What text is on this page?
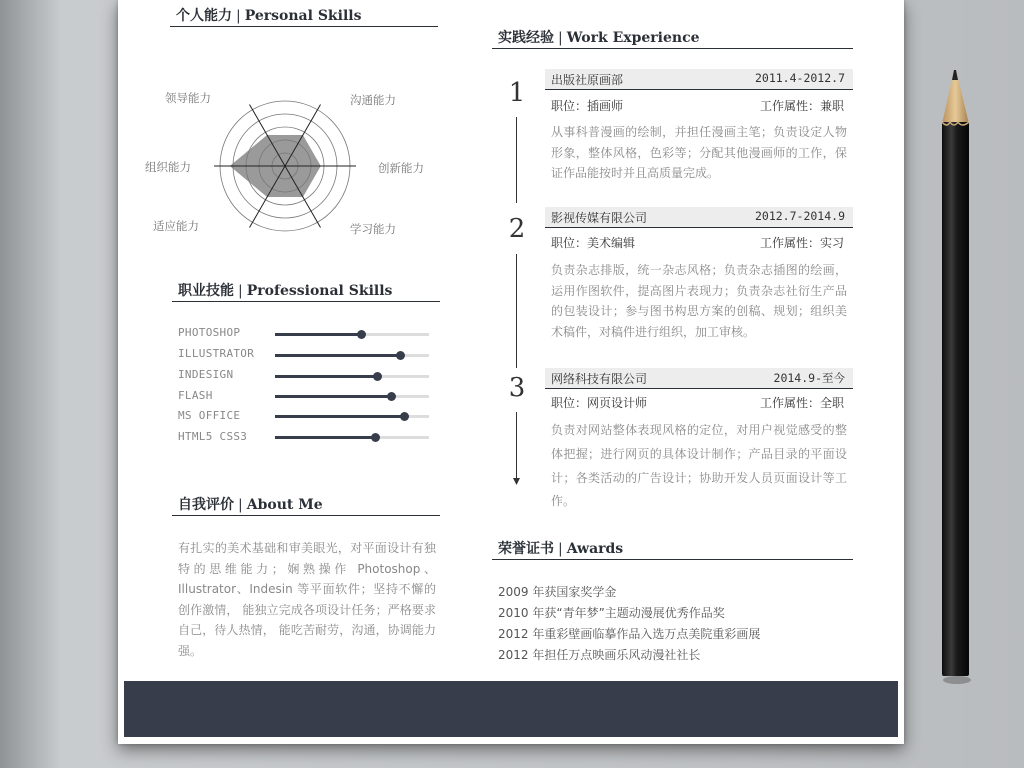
个人能力 | Personal Skills
沟通能力
创新能力
学习能力
适应能力
组织能力
领导能力
职业技能 | Professional Skills
PHOTOSHOP
ILLUSTRATOR
INDESIGN
FLASH
MS OFFICE
HTML5 CSS3
自我评价 | About Me
有扎实的美术基础和审美眼光，对平面设计有独特的思维能力；娴熟操作 Photoshop、Illustrator、Indesin 等平面软件；坚持不懈的创作激情， 能独立完成各项设计任务；严格要求自己，待人热情， 能吃苦耐劳，沟通，协调能力强。
实践经验 | Work Experience
1	出版社原画部	2011.4-2012.7
职位：插画师	工作属性：兼职
从事科普漫画的绘制，并担任漫画主笔；负责设定人物形象，整体风格，色彩等；分配其他漫画师的工作，保证作品能按时并且高质量完成。
2	影视传媒有限公司	2012.7-2014.9
职位：美术编辑	工作属性：实习
负责杂志排版，统一杂志风格；负责杂志插图的绘画，运用作图软件，提高图片表现力；负责杂志社衍生产品的包装设计；参与图书构思方案的创稿、规划；组织美术稿件，对稿件进行组织，加工审核。
3	网络科技有限公司	2014.9-至今
职位：网页设计师	工作属性：全职
负责对网站整体表现风格的定位，对用户视觉感受的整体把握；进行网页的具体设计制作；产品目录的平面设计；各类活动的广告设计；协助开发人员页面设计等工作。
荣誉证书 | Awards
2009 年获国家奖学金
2010 年获“青年梦”主题动漫展优秀作品奖
2012 年重彩壁画临摹作品入选万点美院重彩画展
2012 年担任万点映画乐风动漫社社长
